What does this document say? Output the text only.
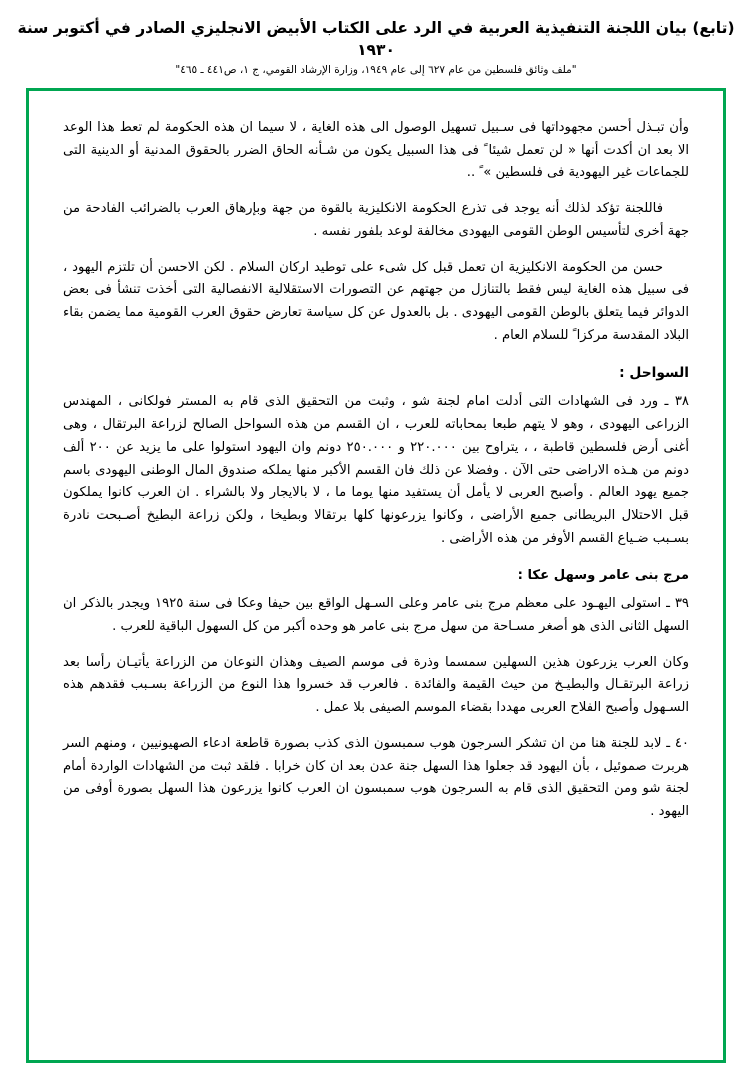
(تابع) بيان اللجنة التنفيذية العربية في الرد على الكتاب الأبيض الانجليزي الصادر في أكتوبر سنة ١٩٣٠
"ملف وثائق فلسطين من عام ٦٢٧ إلى عام ١٩٤٩، وزارة الإرشاد القومي، ج ١، ص٤٤١ ـ ٤٦٥"

وأن تبـذل أحسن مجهوداتها فى سـبيل تسهيل الوصول الى هذه الغاية ، لا سيما ان هذه الحكومة لم تعط هذا الوعد الا بعد ان أكدت أنها « لن تعمل شيئا ً فى هذا السبيل يكون من شـأنه الحاق الضرر بالحقوق المدنية أو الدينية التى للجماعات غير اليهودية فى فلسطين » ً ..

فاللجنة تؤكد لذلك أنه يوجد فى تذرع الحكومة الانكليزية بالقوة من جهة وبإرهاق العرب بالضرائب الفادحة من جهة أخرى لتأسيس الوطن القومى اليهودى مخالفة لوعد بلفور نفسه .

حسن من الحكومة الانكليزية ان تعمل قبل كل شىء على توطيد اركان السلام . لكن الاحسن أن تلتزم اليهود ، فى سبيل هذه الغاية ليس فقط بالتنازل من جهتهم عن التصورات الاستقلالية الانفصالية التى أخذت تنشأ فى بعض الدوائر فيما يتعلق بالوطن القومى اليهودى . بل بالعدول عن كل سياسة تعارض حقوق العرب القومية مما يضمن بقاء البلاد المقدسة مركزا ً للسلام العام .

السواحل :

٣٨ ـ ورد فى الشهادات التى أدلت امام لجنة شو ، وثبت من التحقيق الذى قام به المستر فولكانى ، المهندس الزراعى اليهودى ، وهو لا يتهم طبعا بمحاباته للعرب ، ان القسم من هذه السواحل الصالح لزراعة البرتقال ، وهى أغنى أرض فلسطين قاطبة ، ، يتراوح بين ٢٢٠.٠٠٠ و ٢٥٠.٠٠٠ دونم وان اليهود استولوا على ما يزيد عن ٢٠٠ ألف دونم من هـذه الاراضى حتى الآن . وفضلا عن ذلك فان القسم الأكبر منها يملكه صندوق المال الوطنى اليهودى باسم جميع يهود العالم . وأصبح العربى لا يأمل أن يستفيد منها يوما ما ، لا بالايجار ولا بالشراء . ان العرب كانوا يملكون قبل الاحتلال البريطانى جميع الأراضى ، وكانوا يزرعونها كلها برتقالا وبطيخا ، ولكن زراعة البطيخ أصـبحت نادرة بسـبب ضـياع القسم الأوفر من هذه الأراضى .

مرج بنى عامر وسهل عكا :

٣٩ ـ استولى اليهـود على معظم مرج بنى عامر وعلى السـهل الواقع بين حيفا وعكا فى سنة ١٩٢٥ ويجدر بالذكر ان السهل الثانى الذى هو أصغر مسـاحة من سهل مرج بنى عامر هو وحده أكبر من كل السهول الباقية للعرب .

وكان العرب يزرعون هذين السهلين سمسما وذرة فى موسم الصيف وهذان النوعان من الزراعة يأتيـان رأسا بعد زراعة البرتقـال والبطيـخ من حيث القيمة والفائدة . فالعرب قد خسروا هذا النوع من الزراعة بسـبب فقدهم هذه السـهول وأصبح الفلاح العربى مهددا بقضاء الموسم الصيفى بلا عمل .

٤٠ ـ لابد للجنة هنا من ان تشكر السرجون هوب سمبسون الذى كذب بصورة قاطعة ادعاء الصهيونيين ، ومنهم السر هربرت صموئيل ، بأن اليهود قد جعلوا هذا السهل جنة عدن بعد ان كان خرابا . فلقد ثبت من الشهادات الواردة أمام لجنة شو ومن التحقيق الذى قام به السرجون هوب سمبسون ان العرب كانوا يزرعون هذا السهل بصورة أوفى من اليهود .
